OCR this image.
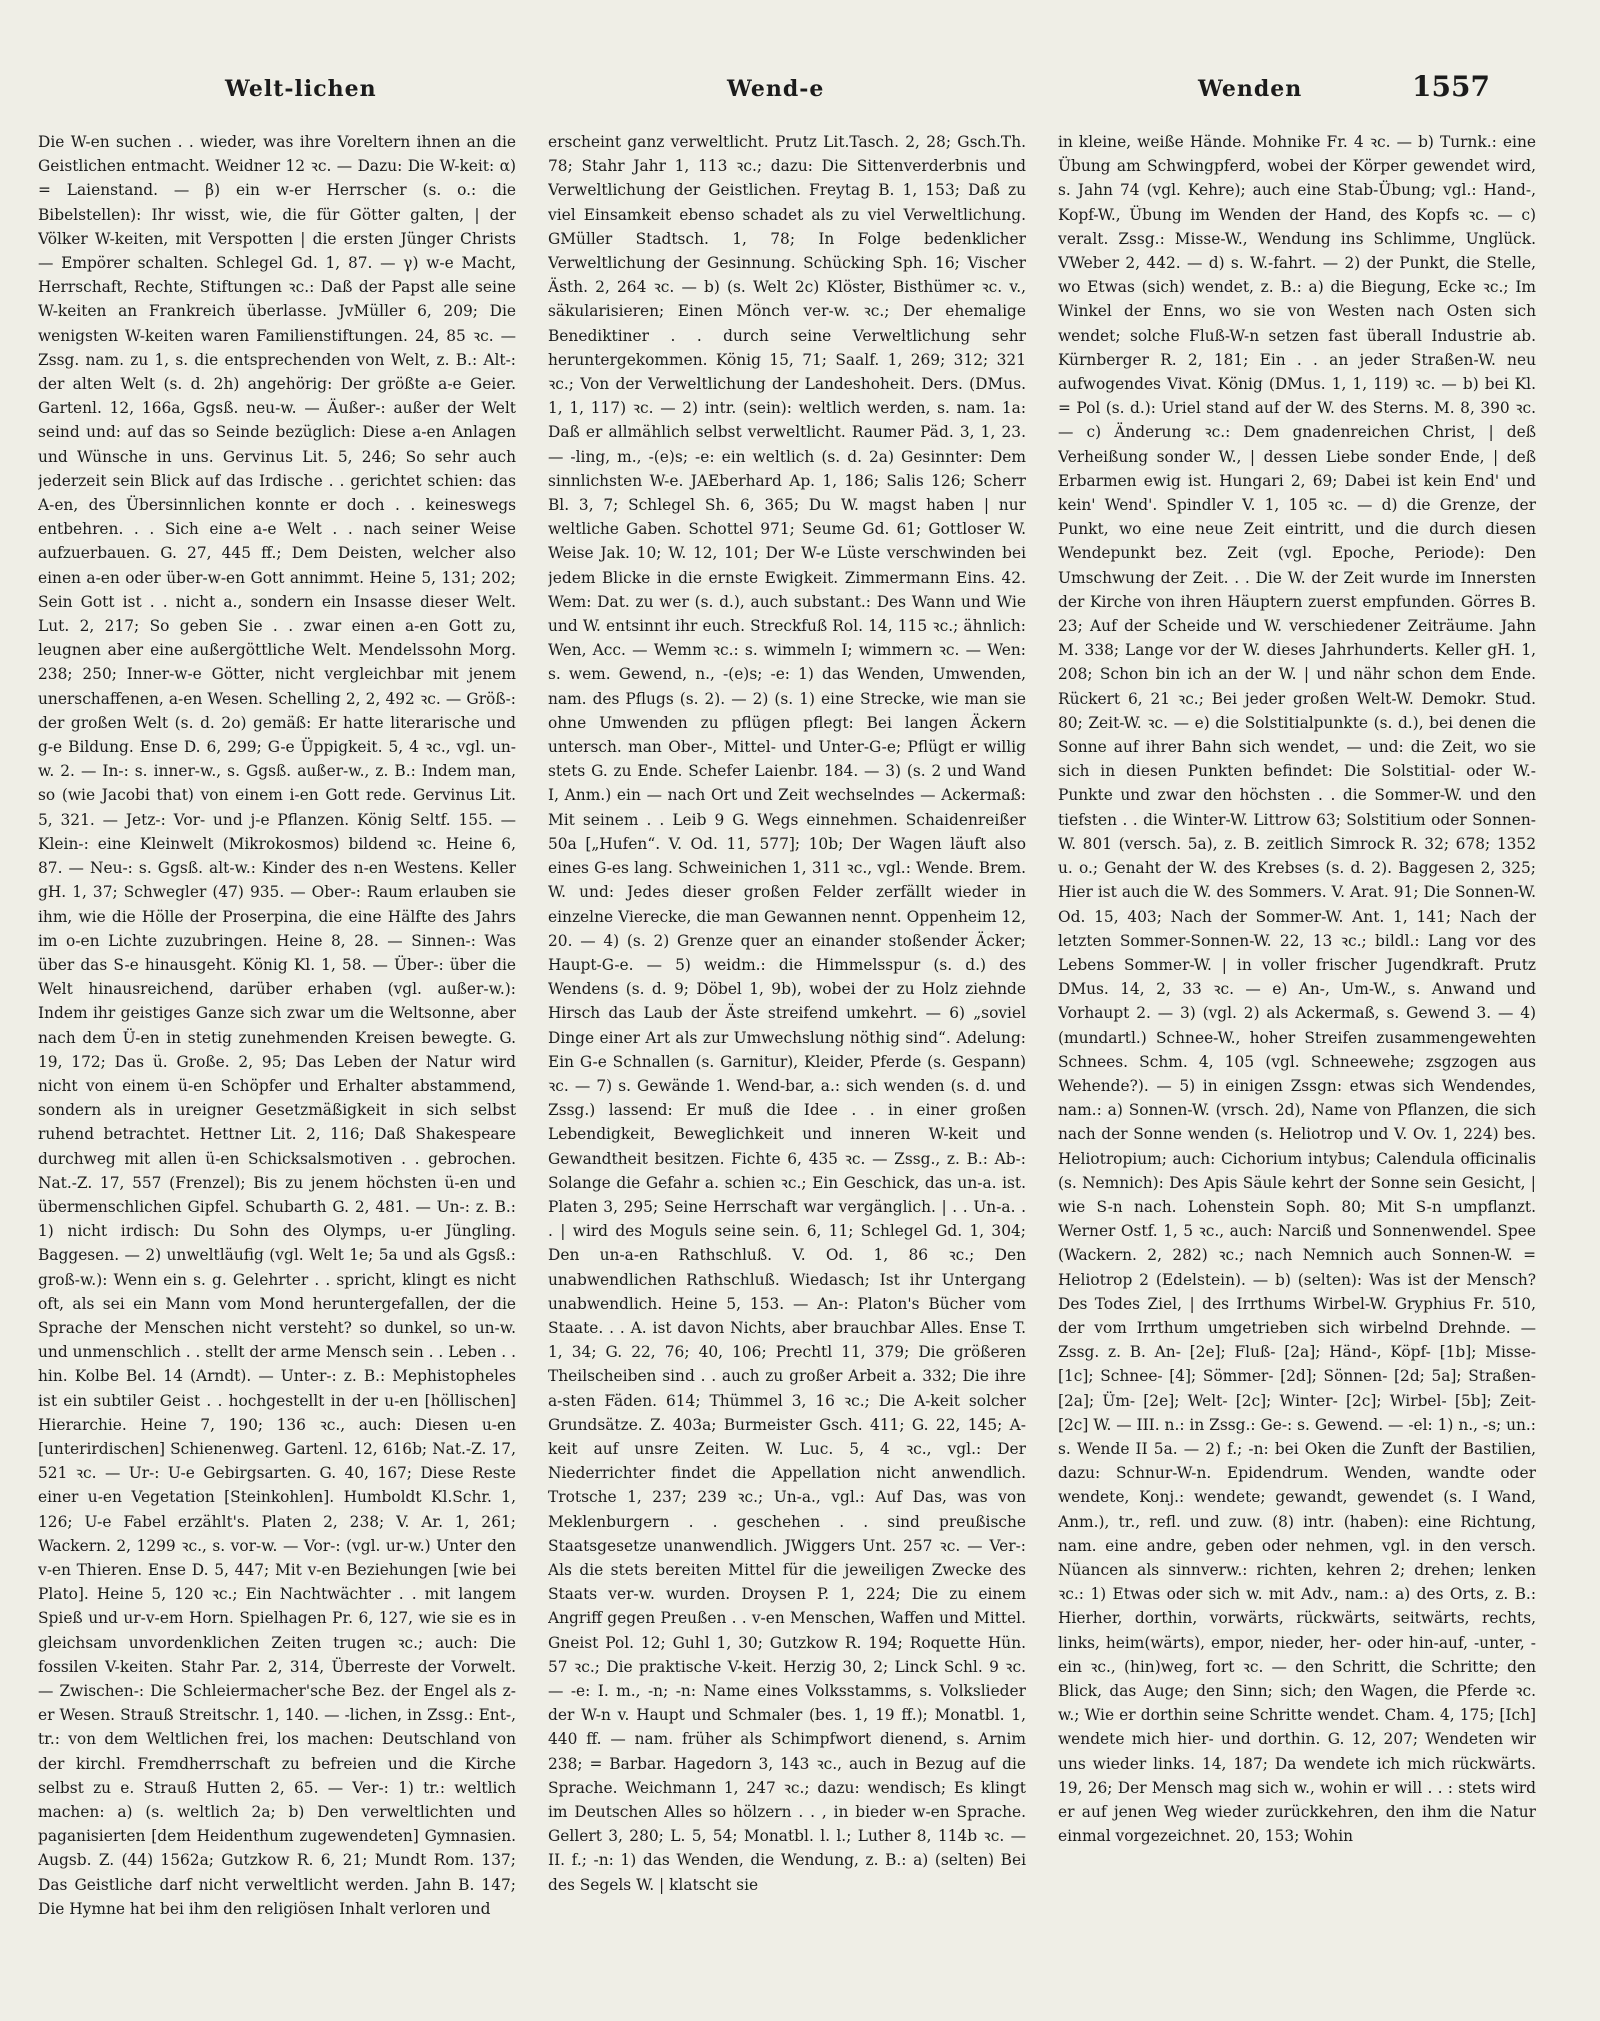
Welt-lichen	Wend-e	Wenden	1557

Die W-en suchen . . wieder, was ihre Voreltern ihnen an die Geistlichen entmacht. Weidner 12 ꝛc. — Dazu: Die W-keit: α) = Laienstand. — β) ein w-er Herrscher (s. o.: die Bibelstellen): Ihr wisst, wie, die für Götter galten, | der Völker W-keiten, mit Verspotten | die ersten Jünger Christs — Empörer schalten. Schlegel Gd. 1, 87. — γ) w-e Macht, Herrschaft, Rechte, Stiftungen ꝛc.: Daß der Papst alle seine W-keiten an Frankreich überlasse. JvMüller 6, 209; Die wenigsten W-keiten waren Familienstiftungen. 24, 85 ꝛc. — Zssg. nam. zu 1, s. die entsprechenden von Welt, z. B.: Alt-: der alten Welt (s. d. 2h) angehörig: Der größte a-e Geier. Gartenl. 12, 166a, Ggsß. neu-w. — Äußer-: außer der Welt seind und: auf das so Seinde bezüglich: Diese a-en Anlagen und Wünsche in uns. Gervinus Lit. 5, 246; So sehr auch jederzeit sein Blick auf das Irdische . . gerichtet schien: das A-en, des Übersinnlichen konnte er doch . . keineswegs entbehren. . . Sich eine a-e Welt . . nach seiner Weise aufzuerbauen. G. 27, 445 ff.; Dem Deisten, welcher also einen a-en oder über-w-en Gott annimmt. Heine 5, 131; 202; Sein Gott ist . . nicht a., sondern ein Insasse dieser Welt. Lut. 2, 217; So geben Sie . . zwar einen a-en Gott zu, leugnen aber eine außergöttliche Welt. Mendelssohn Morg. 238; 250; Inner-w-e Götter, nicht vergleichbar mit jenem unerschaffenen, a-en Wesen. Schelling 2, 2, 492 ꝛc. — Größ-: der großen Welt (s. d. 2o) gemäß: Er hatte literarische und g-e Bildung. Ense D. 6, 299; G-e Üppigkeit. 5, 4 ꝛc., vgl. un-w. 2. — In-: s. inner-w., s. Ggsß. außer-w., z. B.: Indem man, so (wie Jacobi that) von einem i-en Gott rede. Gervinus Lit. 5, 321. — Jetz-: Vor- und j-e Pflanzen. König Seltf. 155. — Klein-: eine Kleinwelt (Mikrokosmos) bildend ꝛc. Heine 6, 87. — Neu-: s. Ggsß. alt-w.: Kinder des n-en Westens. Keller gH. 1, 37; Schwegler (47) 935. — Ober-: Raum erlauben sie ihm, wie die Hölle der Proserpina, die eine Hälfte des Jahrs im o-en Lichte zuzubringen. Heine 8, 28. — Sinnen-: Was über das S-e hinausgeht. König Kl. 1, 58. — Über-: über die Welt hinausreichend, darüber erhaben (vgl. außer-w.): Indem ihr geistiges Ganze sich zwar um die Weltsonne, aber nach dem Ü-en in stetig zunehmenden Kreisen bewegte. G. 19, 172; Das ü. Große. 2, 95; Das Leben der Natur wird nicht von einem ü-en Schöpfer und Erhalter abstammend, sondern als in ureigner Gesetzmäßigkeit in sich selbst ruhend betrachtet. Hettner Lit. 2, 116; Daß Shakespeare durchweg mit allen ü-en Schicksalsmotiven . . gebrochen. Nat.-Z. 17, 557 (Frenzel); Bis zu jenem höchsten ü-en und übermenschlichen Gipfel. Schubarth G. 2, 481. — Un-: z. B.: 1) nicht irdisch: Du Sohn des Olymps, u-er Jüngling. Baggesen. — 2) unweltläufig (vgl. Welt 1e; 5a und als Ggsß.: groß-w.): Wenn ein s. g. Gelehrter . . spricht, klingt es nicht oft, als sei ein Mann vom Mond heruntergefallen, der die Sprache der Menschen nicht versteht? so dunkel, so un-w. und unmenschlich . . stellt der arme Mensch sein . . Leben . . hin. Kolbe Bel. 14 (Arndt). — Unter-: z. B.: Mephistopheles ist ein subtiler Geist . . hochgestellt in der u-en [höllischen] Hierarchie. Heine 7, 190; 136 ꝛc., auch: Diesen u-en [unterirdischen] Schienenweg. Gartenl. 12, 616b; Nat.-Z. 17, 521 ꝛc. — Ur-: U-e Gebirgsarten. G. 40, 167; Diese Reste einer u-en Vegetation [Steinkohlen]. Humboldt Kl.Schr. 1, 126; U-e Fabel erzählt's. Platen 2, 238; V. Ar. 1, 261; Wackern. 2, 1299 ꝛc., s. vor-w. — Vor-: (vgl. ur-w.) Unter den v-en Thieren. Ense D. 5, 447; Mit v-en Beziehungen [wie bei Plato]. Heine 5, 120 ꝛc.; Ein Nachtwächter . . mit langem Spieß und ur-v-em Horn. Spielhagen Pr. 6, 127, wie sie es in gleichsam unvordenklichen Zeiten trugen ꝛc.; auch: Die fossilen V-keiten. Stahr Par. 2, 314, Überreste der Vorwelt. — Zwischen-: Die Schleiermacher'sche Bez. der Engel als z-er Wesen. Strauß Streitschr. 1, 140. — -lichen, in Zssg.: Ent-, tr.: von dem Weltlichen frei, los machen: Deutschland von der kirchl. Fremdherrschaft zu befreien und die Kirche selbst zu e. Strauß Hutten 2, 65. — Ver-: 1) tr.: weltlich machen: a) (s. weltlich 2a; b) Den verweltlichten und paganisierten [dem Heidenthum zugewendeten] Gymnasien. Augsb. Z. (44) 1562a; Gutzkow R. 6, 21; Mundt Rom. 137; Das Geistliche darf nicht verweltlicht werden. Jahn B. 147; Die Hymne hat bei ihm den religiösen Inhalt verloren und

erscheint ganz verweltlicht. Prutz Lit.Tasch. 2, 28; Gsch.Th. 78; Stahr Jahr 1, 113 ꝛc.; dazu: Die Sittenverderbnis und Verweltlichung der Geistlichen. Freytag B. 1, 153; Daß zu viel Einsamkeit ebenso schadet als zu viel Verweltlichung. GMüller Stadtsch. 1, 78; In Folge bedenklicher Verweltlichung der Gesinnung. Schücking Sph. 16; Vischer Ästh. 2, 264 ꝛc. — b) (s. Welt 2c) Klöster, Bisthümer ꝛc. v., säkularisieren; Einen Mönch ver-w. ꝛc.; Der ehemalige Benediktiner . . durch seine Verweltlichung sehr heruntergekommen. König 15, 71; Saalf. 1, 269; 312; 321 ꝛc.; Von der Verweltlichung der Landeshoheit. Ders. (DMus. 1, 1, 117) ꝛc. — 2) intr. (sein): weltlich werden, s. nam. 1a: Daß er allmählich selbst verweltlicht. Raumer Päd. 3, 1, 23. — -ling, m., -(e)s; -e: ein weltlich (s. d. 2a) Gesinnter: Dem sinnlichsten W-e. JAEberhard Ap. 1, 186; Salis 126; Scherr Bl. 3, 7; Schlegel Sh. 6, 365; Du W. magst haben | nur weltliche Gaben. Schottel 971; Seume Gd. 61; Gottloser W. Weise Jak. 10; W. 12, 101; Der W-e Lüste verschwinden bei jedem Blicke in die ernste Ewigkeit. Zimmermann Eins. 42. Wem: Dat. zu wer (s. d.), auch substant.: Des Wann und Wie und W. entsinnt ihr euch. Streckfuß Rol. 14, 115 ꝛc.; ähnlich: Wen, Acc. — Wemm ꝛc.: s. wimmeln I; wimmern ꝛc. — Wen: s. wem. Gewend, n., -(e)s; -e: 1) das Wenden, Umwenden, nam. des Pflugs (s. 2). — 2) (s. 1) eine Strecke, wie man sie ohne Umwenden zu pflügen pflegt: Bei langen Äckern untersch. man Ober-, Mittel- und Unter-G-e; Pflügt er willig stets G. zu Ende. Schefer Laienbr. 184. — 3) (s. 2 und Wand I, Anm.) ein — nach Ort und Zeit wechselndes — Ackermaß: Mit seinem . . Leib 9 G. Wegs einnehmen. Schaidenreißer 50a [„Hufen“. V. Od. 11, 577]; 10b; Der Wagen läuft also eines G-es lang. Schweinichen 1, 311 ꝛc., vgl.: Wende. Brem. W. und: Jedes dieser großen Felder zerfällt wieder in einzelne Vierecke, die man Gewannen nennt. Oppenheim 12, 20. — 4) (s. 2) Grenze quer an einander stoßender Äcker; Haupt-G-e. — 5) weidm.: die Himmelsspur (s. d.) des Wendens (s. d. 9; Döbel 1, 9b), wobei der zu Holz ziehnde Hirsch das Laub der Äste streifend umkehrt. — 6) „soviel Dinge einer Art als zur Umwechslung nöthig sind“. Adelung: Ein G-e Schnallen (s. Garnitur), Kleider, Pferde (s. Gespann) ꝛc. — 7) s. Gewände 1. Wend-bar, a.: sich wenden (s. d. und Zssg.) lassend: Er muß die Idee . . in einer großen Lebendigkeit, Beweglichkeit und inneren W-keit und Gewandtheit besitzen. Fichte 6, 435 ꝛc. — Zssg., z. B.: Ab-: Solange die Gefahr a. schien ꝛc.; Ein Geschick, das un-a. ist. Platen 3, 295; Seine Herrschaft war vergänglich. | . . Un-a. . . | wird des Moguls seine sein. 6, 11; Schlegel Gd. 1, 304; Den un-a-en Rathschluß. V. Od. 1, 86 ꝛc.; Den unabwendlichen Rathschluß. Wiedasch; Ist ihr Untergang unabwendlich. Heine 5, 153. — An-: Platon's Bücher vom Staate. . . A. ist davon Nichts, aber brauchbar Alles. Ense T. 1, 34; G. 22, 76; 40, 106; Prechtl 11, 379; Die größeren Theilscheiben sind . . auch zu großer Arbeit a. 332; Die ihre a-sten Fäden. 614; Thümmel 3, 16 ꝛc.; Die A-keit solcher Grundsätze. Z. 403a; Burmeister Gsch. 411; G. 22, 145; A-keit auf unsre Zeiten. W. Luc. 5, 4 ꝛc., vgl.: Der Niederrichter findet die Appellation nicht anwendlich. Trotsche 1, 237; 239 ꝛc.; Un-a., vgl.: Auf Das, was von Meklenburgern . . geschehen . . sind preußische Staatsgesetze unanwendlich. JWiggers Unt. 257 ꝛc. — Ver-: Als die stets bereiten Mittel für die jeweiligen Zwecke des Staats ver-w. wurden. Droysen P. 1, 224; Die zu einem Angriff gegen Preußen . . v-en Menschen, Waffen und Mittel. Gneist Pol. 12; Guhl 1, 30; Gutzkow R. 194; Roquette Hün. 57 ꝛc.; Die praktische V-keit. Herzig 30, 2; Linck Schl. 9 ꝛc. — -e: I. m., -n; -n: Name eines Volksstamms, s. Volkslieder der W-n v. Haupt und Schmaler (bes. 1, 19 ff.); Monatbl. 1, 440 ff. — nam. früher als Schimpfwort dienend, s. Arnim 238; = Barbar. Hagedorn 3, 143 ꝛc., auch in Bezug auf die Sprache. Weichmann 1, 247 ꝛc.; dazu: wendisch; Es klingt im Deutschen Alles so hölzern . . , in bieder w-en Sprache. Gellert 3, 280; L. 5, 54; Monatbl. l. l.; Luther 8, 114b ꝛc. — II. f.; -n: 1) das Wenden, die Wendung, z. B.: a) (selten) Bei des Segels W. | klatscht sie

in kleine, weiße Hände. Mohnike Fr. 4 ꝛc. — b) Turnk.: eine Übung am Schwingpferd, wobei der Körper gewendet wird, s. Jahn 74 (vgl. Kehre); auch eine Stab-Übung; vgl.: Hand-, Kopf-W., Übung im Wenden der Hand, des Kopfs ꝛc. — c) veralt. Zssg.: Misse-W., Wendung ins Schlimme, Unglück. VWeber 2, 442. — d) s. W.-fahrt. — 2) der Punkt, die Stelle, wo Etwas (sich) wendet, z. B.: a) die Biegung, Ecke ꝛc.; Im Winkel der Enns, wo sie von Westen nach Osten sich wendet; solche Fluß-W-n setzen fast überall Industrie ab. Kürnberger R. 2, 181; Ein . . an jeder Straßen-W. neu aufwogendes Vivat. König (DMus. 1, 1, 119) ꝛc. — b) bei Kl. = Pol (s. d.): Uriel stand auf der W. des Sterns. M. 8, 390 ꝛc. — c) Änderung ꝛc.: Dem gnadenreichen Christ, | deß Verheißung sonder W., | dessen Liebe sonder Ende, | deß Erbarmen ewig ist. Hungari 2, 69; Dabei ist kein End' und kein' Wend'. Spindler V. 1, 105 ꝛc. — d) die Grenze, der Punkt, wo eine neue Zeit eintritt, und die durch diesen Wendepunkt bez. Zeit (vgl. Epoche, Periode): Den Umschwung der Zeit. . . Die W. der Zeit wurde im Innersten der Kirche von ihren Häuptern zuerst empfunden. Görres B. 23; Auf der Scheide und W. verschiedener Zeiträume. Jahn M. 338; Lange vor der W. dieses Jahrhunderts. Keller gH. 1, 208; Schon bin ich an der W. | und nähr schon dem Ende. Rückert 6, 21 ꝛc.; Bei jeder großen Welt-W. Demokr. Stud. 80; Zeit-W. ꝛc. — e) die Solstitialpunkte (s. d.), bei denen die Sonne auf ihrer Bahn sich wendet, — und: die Zeit, wo sie sich in diesen Punkten befindet: Die Solstitial- oder W.-Punkte und zwar den höchsten . . die Sommer-W. und den tiefsten . . die Winter-W. Littrow 63; Solstitium oder Sonnen-W. 801 (versch. 5a), z. B. zeitlich Simrock R. 32; 678; 1352 u. o.; Genaht der W. des Krebses (s. d. 2). Baggesen 2, 325; Hier ist auch die W. des Sommers. V. Arat. 91; Die Sonnen-W. Od. 15, 403; Nach der Sommer-W. Ant. 1, 141; Nach der letzten Sommer-Sonnen-W. 22, 13 ꝛc.; bildl.: Lang vor des Lebens Sommer-W. | in voller frischer Jugendkraft. Prutz DMus. 14, 2, 33 ꝛc. — e) An-, Um-W., s. Anwand und Vorhaupt 2. — 3) (vgl. 2) als Ackermaß, s. Gewend 3. — 4) (mundartl.) Schnee-W., hoher Streifen zusammengewehten Schnees. Schm. 4, 105 (vgl. Schneewehe; zsgzogen aus Wehende?). — 5) in einigen Zssgn: etwas sich Wendendes, nam.: a) Sonnen-W. (vrsch. 2d), Name von Pflanzen, die sich nach der Sonne wenden (s. Heliotrop und V. Ov. 1, 224) bes. Heliotropium; auch: Cichorium intybus; Calendula officinalis (s. Nemnich): Des Apis Säule kehrt der Sonne sein Gesicht, | wie S-n nach. Lohenstein Soph. 80; Mit S-n umpflanzt. Werner Ostf. 1, 5 ꝛc., auch: Narciß und Sonnenwendel. Spee (Wackern. 2, 282) ꝛc.; nach Nemnich auch Sonnen-W. = Heliotrop 2 (Edelstein). — b) (selten): Was ist der Mensch? Des Todes Ziel, | des Irrthums Wirbel-W. Gryphius Fr. 510, der vom Irrthum umgetrieben sich wirbelnd Drehnde. — Zssg. z. B. An- [2e]; Fluß- [2a]; Händ-, Köpf- [1b]; Misse- [1c]; Schnee- [4]; Sömmer- [2d]; Sönnen- [2d; 5a]; Straßen- [2a]; Üm- [2e]; Welt- [2c]; Winter- [2c]; Wirbel- [5b]; Zeit- [2c] W. — III. n.: in Zssg.: Ge-: s. Gewend. — -el: 1) n., -s; un.: s. Wende II 5a. — 2) f.; -n: bei Oken die Zunft der Bastilien, dazu: Schnur-W-n. Epidendrum. Wenden, wandte oder wendete, Konj.: wendete; gewandt, gewendet (s. I Wand, Anm.), tr., refl. und zuw. (8) intr. (haben): eine Richtung, nam. eine andre, geben oder nehmen, vgl. in den versch. Nüancen als sinnverw.: richten, kehren 2; drehen; lenken ꝛc.: 1) Etwas oder sich w. mit Adv., nam.: a) des Orts, z. B.: Hierher, dorthin, vorwärts, rückwärts, seitwärts, rechts, links, heim(wärts), empor, nieder, her- oder hin-auf, -unter, -ein ꝛc., (hin)weg, fort ꝛc. — den Schritt, die Schritte; den Blick, das Auge; den Sinn; sich; den Wagen, die Pferde ꝛc. w.; Wie er dorthin seine Schritte wendet. Cham. 4, 175; [Ich] wendete mich hier- und dorthin. G. 12, 207; Wendeten wir uns wieder links. 14, 187; Da wendete ich mich rückwärts. 19, 26; Der Mensch mag sich w., wohin er will . . : stets wird er auf jenen Weg wieder zurückkehren, den ihm die Natur einmal vorgezeichnet. 20, 153; Wohin
